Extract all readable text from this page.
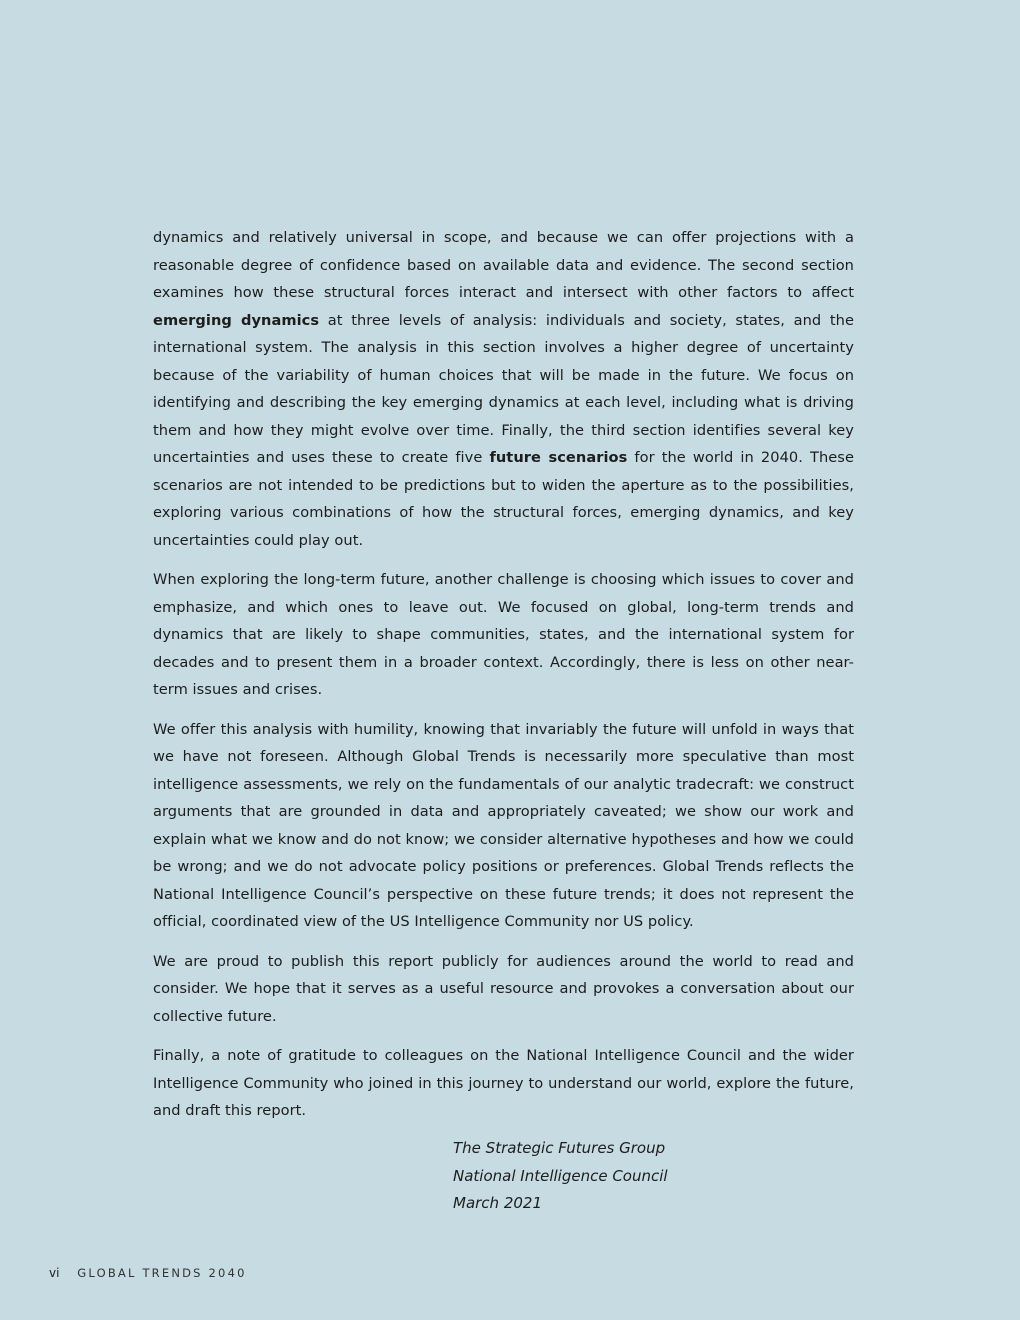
dynamics and relatively universal in scope, and because we can offer projections with a reasonable degree of confidence based on available data and evidence. The second section examines how these structural forces interact and intersect with other factors to affect emerging dynamics at three levels of analysis: individuals and society, states, and the international system. The analysis in this section involves a higher degree of uncertainty because of the variability of human choices that will be made in the future. We focus on identifying and describing the key emerging dynamics at each level, including what is driving them and how they might evolve over time. Finally, the third section identifies several key uncertainties and uses these to create five future scenarios for the world in 2040. These scenarios are not intended to be predictions but to widen the aperture as to the possibilities, exploring various combinations of how the structural forces, emerging dynamics, and key uncertainties could play out.

When exploring the long-term future, another challenge is choosing which issues to cover and emphasize, and which ones to leave out. We focused on global, long-term trends and dynamics that are likely to shape communities, states, and the international system for decades and to present them in a broader context. Accordingly, there is less on other near-term issues and crises.

We offer this analysis with humility, knowing that invariably the future will unfold in ways that we have not foreseen. Although Global Trends is necessarily more speculative than most intelligence assessments, we rely on the fundamentals of our analytic tradecraft: we construct arguments that are grounded in data and appropriately caveated; we show our work and explain what we know and do not know; we consider alternative hypotheses and how we could be wrong; and we do not advocate policy positions or preferences. Global Trends reflects the National Intelligence Council’s perspective on these future trends; it does not represent the official, coordinated view of the US Intelligence Community nor US policy.

We are proud to publish this report publicly for audiences around the world to read and consider. We hope that it serves as a useful resource and provokes a conversation about our collective future.

Finally, a note of gratitude to colleagues on the National Intelligence Council and the wider Intelligence Community who joined in this journey to understand our world, explore the future, and draft this report.

The Strategic Futures Group
National Intelligence Council
March 2021
vi GLOBAL TRENDS 2040
